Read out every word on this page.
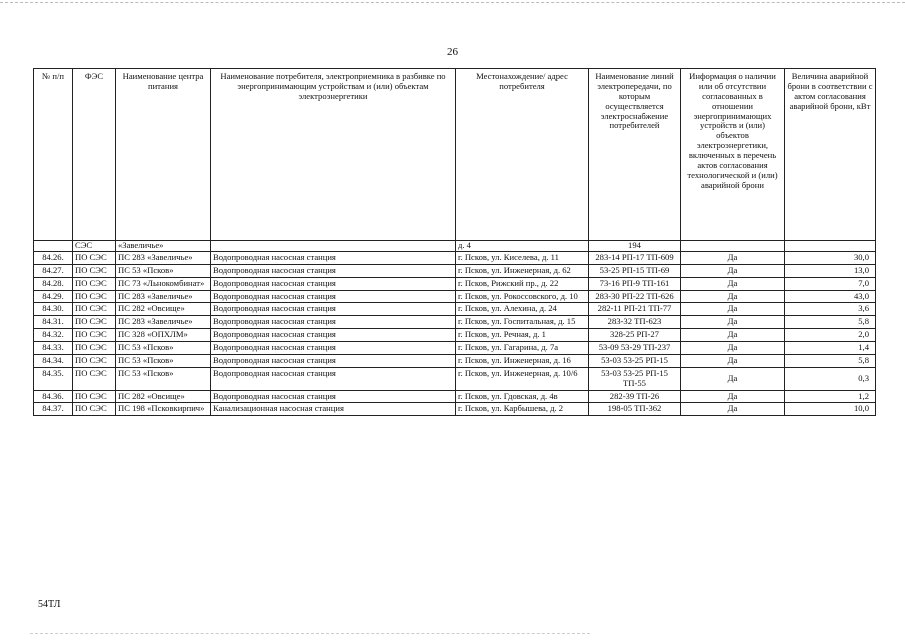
26
№ п/п	ФЭС	Наименование центра питания	Наименование потребителя, электроприемника в разбивке по энергопринимающим устройствам и (или) объектам электроэнергетики	Местонахождение/ адрес потребителя	Наименование линий электропередачи, по которым осуществляется электроснабжение потребителей	Информация о наличии или об отсутствии согласованных в отношении энергопринимающих устройств и (или) объектов электроэнергетики, включенных в перечень актов согласования технологической и (или) аварийной брони	Величина аварийной брони в соответствии с актом согласования аварийной брони, кВт
	СЭС	«Завеличье»		д. 4	194		
84.26.	ПО СЭС	ПС 283 «Завеличье»	Водопроводная насосная станция	г. Псков, ул. Киселева, д. 11	283-14 РП-17 ТП-609	Да	30,0
84.27.	ПО СЭС	ПС 53 «Псков»	Водопроводная насосная станция	г. Псков, ул. Инженерная, д. 62	53-25 РП-15 ТП-69	Да	13,0
84.28.	ПО СЭС	ПС 73 «Льнокомбинат»	Водопроводная насосная станция	г. Псков, Рижский пр., д. 22	73-16 РП-9 ТП-161	Да	7,0
84.29.	ПО СЭС	ПС 283 «Завеличье»	Водопроводная насосная станция	г. Псков, ул. Рокоссовского, д. 10	283-30 РП-22 ТП-626	Да	43,0
84.30.	ПО СЭС	ПС 282 «Овсище»	Водопроводная насосная станция	г. Псков, ул. Алехина, д. 24	282-11 РП-21 ТП-77	Да	3,6
84.31.	ПО СЭС	ПС 283 «Завеличье»	Водопроводная насосная станция	г. Псков, ул. Госпитальная, д. 15	283-32 ТП-623	Да	5,8
84.32.	ПО СЭС	ПС 328 «ОПХЛМ»	Водопроводная насосная станция	г. Псков, ул. Речная, д. 1	328-25 РП-27	Да	2,0
84.33.	ПО СЭС	ПС 53 «Псков»	Водопроводная насосная станция	г. Псков, ул. Гагарина, д. 7а	53-09 53-29 ТП-237	Да	1,4
84.34.	ПО СЭС	ПС 53 «Псков»	Водопроводная насосная станция	г. Псков, ул. Инженерная, д. 16	53-03 53-25 РП-15	Да	5,8
84.35.	ПО СЭС	ПС 53 «Псков»	Водопроводная насосная станция	г. Псков, ул. Инженерная, д. 10/6	53-03 53-25 РП-15 ТП-55	Да	0,3
84.36.	ПО СЭС	ПС 282 «Овсище»	Водопроводная насосная станция	г. Псков, ул. Гдовская, д. 4в	282-39 ТП-26	Да	1,2
84.37.	ПО СЭС	ПС 198 «Псковкирпич»	Канализационная насосная станция	г. Псков, ул. Карбышева, д. 2	198-05 ТП-362	Да	10,0
54ТЛ
